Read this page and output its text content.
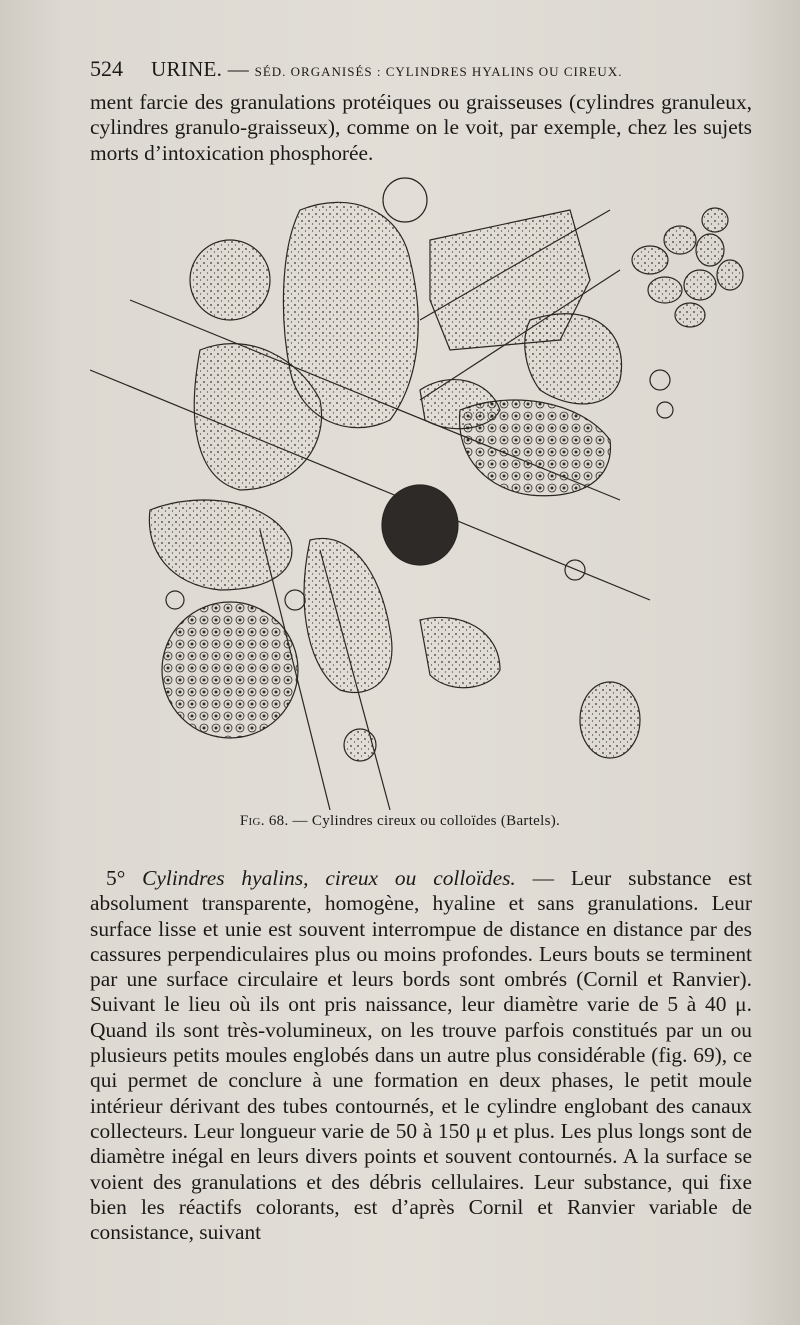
524 URINE. — SÉD. ORGANISÉS : CYLINDRES HYALINS OU CIREUX.

ment farcie des granulations protéiques ou graisseuses (cylindres granuleux, cylindres granulo-graisseux), comme on le voit, par exemple, chez les sujets morts d’intoxication phosphorée.

Fig. 68. — Cylindres cireux ou colloïdes (Bartels).

5° Cylindres hyalins, cireux ou colloïdes. — Leur substance est absolument transparente, homogène, hyaline et sans granulations. Leur surface lisse et unie est souvent interrompue de distance en distance par des cassures perpendiculaires plus ou moins profondes. Leurs bouts se terminent par une surface circulaire et leurs bords sont ombrés (Cornil et Ranvier). Suivant le lieu où ils ont pris naissance, leur diamètre varie de 5 à 40 μ. Quand ils sont très-volumineux, on les trouve parfois constitués par un ou plusieurs petits moules englobés dans un autre plus considérable (fig. 69), ce qui permet de conclure à une formation en deux phases, le petit moule intérieur dérivant des tubes contournés, et le cylindre englobant des canaux collecteurs. Leur longueur varie de 50 à 150 μ et plus. Les plus longs sont de diamètre inégal en leurs divers points et souvent contournés. A la surface se voient des granulations et des débris cellulaires. Leur substance, qui fixe bien les réactifs colorants, est d’après Cornil et Ranvier variable de consistance, suivant
